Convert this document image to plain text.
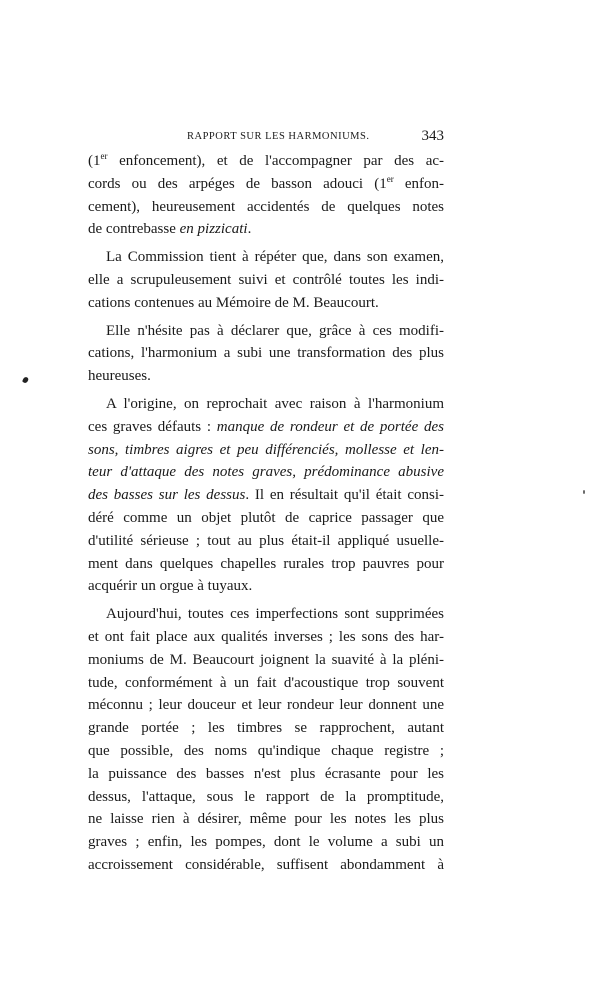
RAPPORT SUR LES HARMONIUMS.	343
(1er enfoncement), et de l'accompagner par des ac-
cords ou des arpéges de basson adouci (1er enfon-
cement), heureusement accidentés de quelques notes
de contrebasse en pizzicati.
La Commission tient à répéter que, dans son examen,
elle a scrupuleusement suivi et contrôlé toutes les indi-
cations contenues au Mémoire de M. Beaucourt.
Elle n'hésite pas à déclarer que, grâce à ces modifi-
cations, l'harmonium a subi une transformation des plus
heureuses.
A l'origine, on reprochait avec raison à l'harmonium
ces graves défauts : manque de rondeur et de portée des
sons, timbres aigres et peu différenciés, mollesse et len-
teur d'attaque des notes graves, prédominance abusive
des basses sur les dessus. Il en résultait qu'il était consi-
déré comme un objet plutôt de caprice passager que
d'utilité sérieuse ; tout au plus était-il appliqué usuelle-
ment dans quelques chapelles rurales trop pauvres pour
acquérir un orgue à tuyaux.
Aujourd'hui, toutes ces imperfections sont supprimées
et ont fait place aux qualités inverses ; les sons des har-
moniums de M. Beaucourt joignent la suavité à la pléni-
tude, conformément à un fait d'acoustique trop souvent
méconnu ; leur douceur et leur rondeur leur donnent une
grande portée ; les timbres se rapprochent, autant
que possible, des noms qu'indique chaque registre ;
la puissance des basses n'est plus écrasante pour les
dessus, l'attaque, sous le rapport de la promptitude,
ne laisse rien à désirer, même pour les notes les plus
graves ; enfin, les pompes, dont le volume a subi un
accroissement considérable, suffisent abondamment à
